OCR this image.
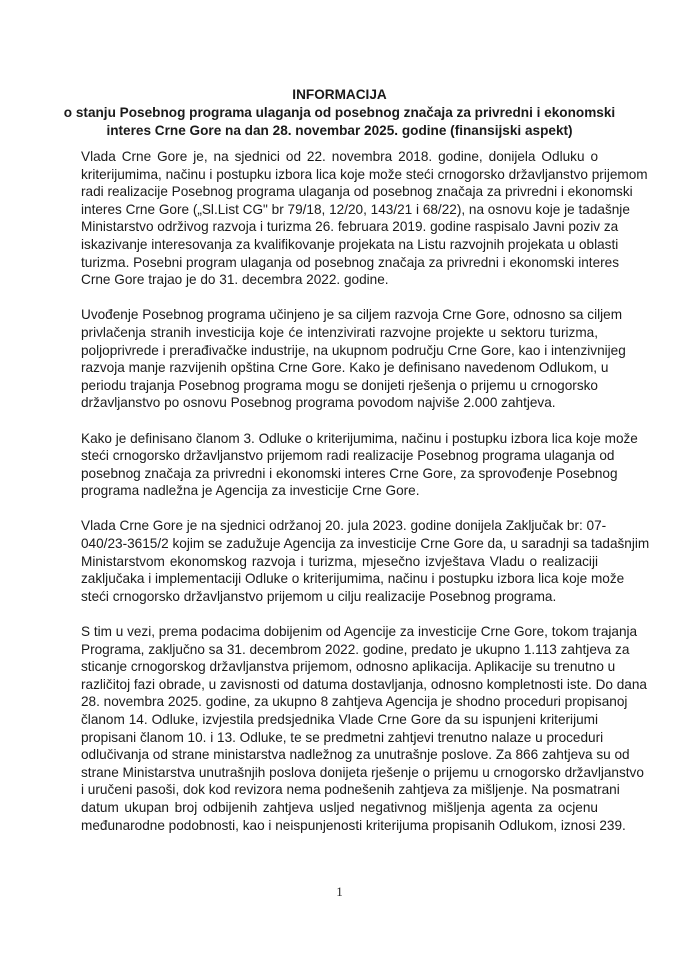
INFORMACIJA
o stanju Posebnog programa ulaganja od posebnog značaja za privredni i ekonomski
interes Crne Gore na dan 28. novembar 2025. godine (finansijski aspekt)

Vlada Crne Gore je, na sjednici od 22. novembra 2018. godine, donijela Odluku o
kriterijumima, načinu i postupku izbora lica koje može steći crnogorsko državljanstvo prijemom
radi realizacije Posebnog programa ulaganja od posebnog značaja za privredni i ekonomski
interes Crne Gore („Sl.List CG" br 79/18, 12/20, 143/21 i 68/22), na osnovu koje je tadašnje
Ministarstvo održivog razvoja i turizma 26. februara 2019. godine raspisalo Javni poziv za
iskazivanje interesovanja za kvalifikovanje projekata na Listu razvojnih projekata u oblasti
turizma. Posebni program ulaganja od posebnog značaja za privredni i ekonomski interes
Crne Gore trajao je do 31. decembra 2022. godine.

Uvođenje Posebnog programa učinjeno je sa ciljem razvoja Crne Gore, odnosno sa ciljem
privlačenja stranih investicija koje će intenzivirati razvojne projekte u sektoru turizma,
poljoprivrede i prerađivačke industrije, na ukupnom području Crne Gore, kao i intenzivnijeg
razvoja manje razvijenih opština Crne Gore. Kako je definisano navedenom Odlukom, u
periodu trajanja Posebnog programa mogu se donijeti rješenja o prijemu u crnogorsko
državljanstvo po osnovu Posebnog programa povodom najviše 2.000 zahtjeva.

Kako je definisano članom 3. Odluke o kriterijumima, načinu i postupku izbora lica koje može
steći crnogorsko državljanstvo prijemom radi realizacije Posebnog programa ulaganja od
posebnog značaja za privredni i ekonomski interes Crne Gore, za sprovođenje Posebnog
programa nadležna je Agencija za investicije Crne Gore.

Vlada Crne Gore je na sjednici održanoj 20. jula 2023. godine donijela Zaključak br: 07-
040/23-3615/2 kojim se zadužuje Agencija za investicije Crne Gore da, u saradnji sa tadašnjim
Ministarstvom ekonomskog razvoja i turizma, mjesečno izvještava Vladu o realizaciji
zaključaka i implementaciji Odluke o kriterijumima, načinu i postupku izbora lica koje može
steći crnogorsko državljanstvo prijemom u cilju realizacije Posebnog programa.

S tim u vezi, prema podacima dobijenim od Agencije za investicije Crne Gore, tokom trajanja
Programa, zaključno sa 31. decembrom 2022. godine, predato je ukupno 1.113 zahtjeva za
sticanje crnogorskog državljanstva prijemom, odnosno aplikacija. Aplikacije su trenutno u
različitoj fazi obrade, u zavisnosti od datuma dostavljanja, odnosno kompletnosti iste. Do dana
28. novembra 2025. godine, za ukupno 8 zahtjeva Agencija je shodno proceduri propisanoj
članom 14. Odluke, izvjestila predsjednika Vlade Crne Gore da su ispunjeni kriterijumi
propisani članom 10. i 13. Odluke, te se predmetni zahtjevi trenutno nalaze u proceduri
odlučivanja od strane ministarstva nadležnog za unutrašnje poslove. Za 866 zahtjeva su od
strane Ministarstva unutrašnjih poslova donijeta rješenje o prijemu u crnogorsko državljanstvo
i uručeni pasoši, dok kod revizora nema podnešenih zahtjeva za mišljenje. Na posmatrani
datum ukupan broj odbijenih zahtjeva usljed negativnog mišljenja agenta za ocjenu
međunarodne podobnosti, kao i neispunjenosti kriterijuma propisanih Odlukom, iznosi 239.

1
